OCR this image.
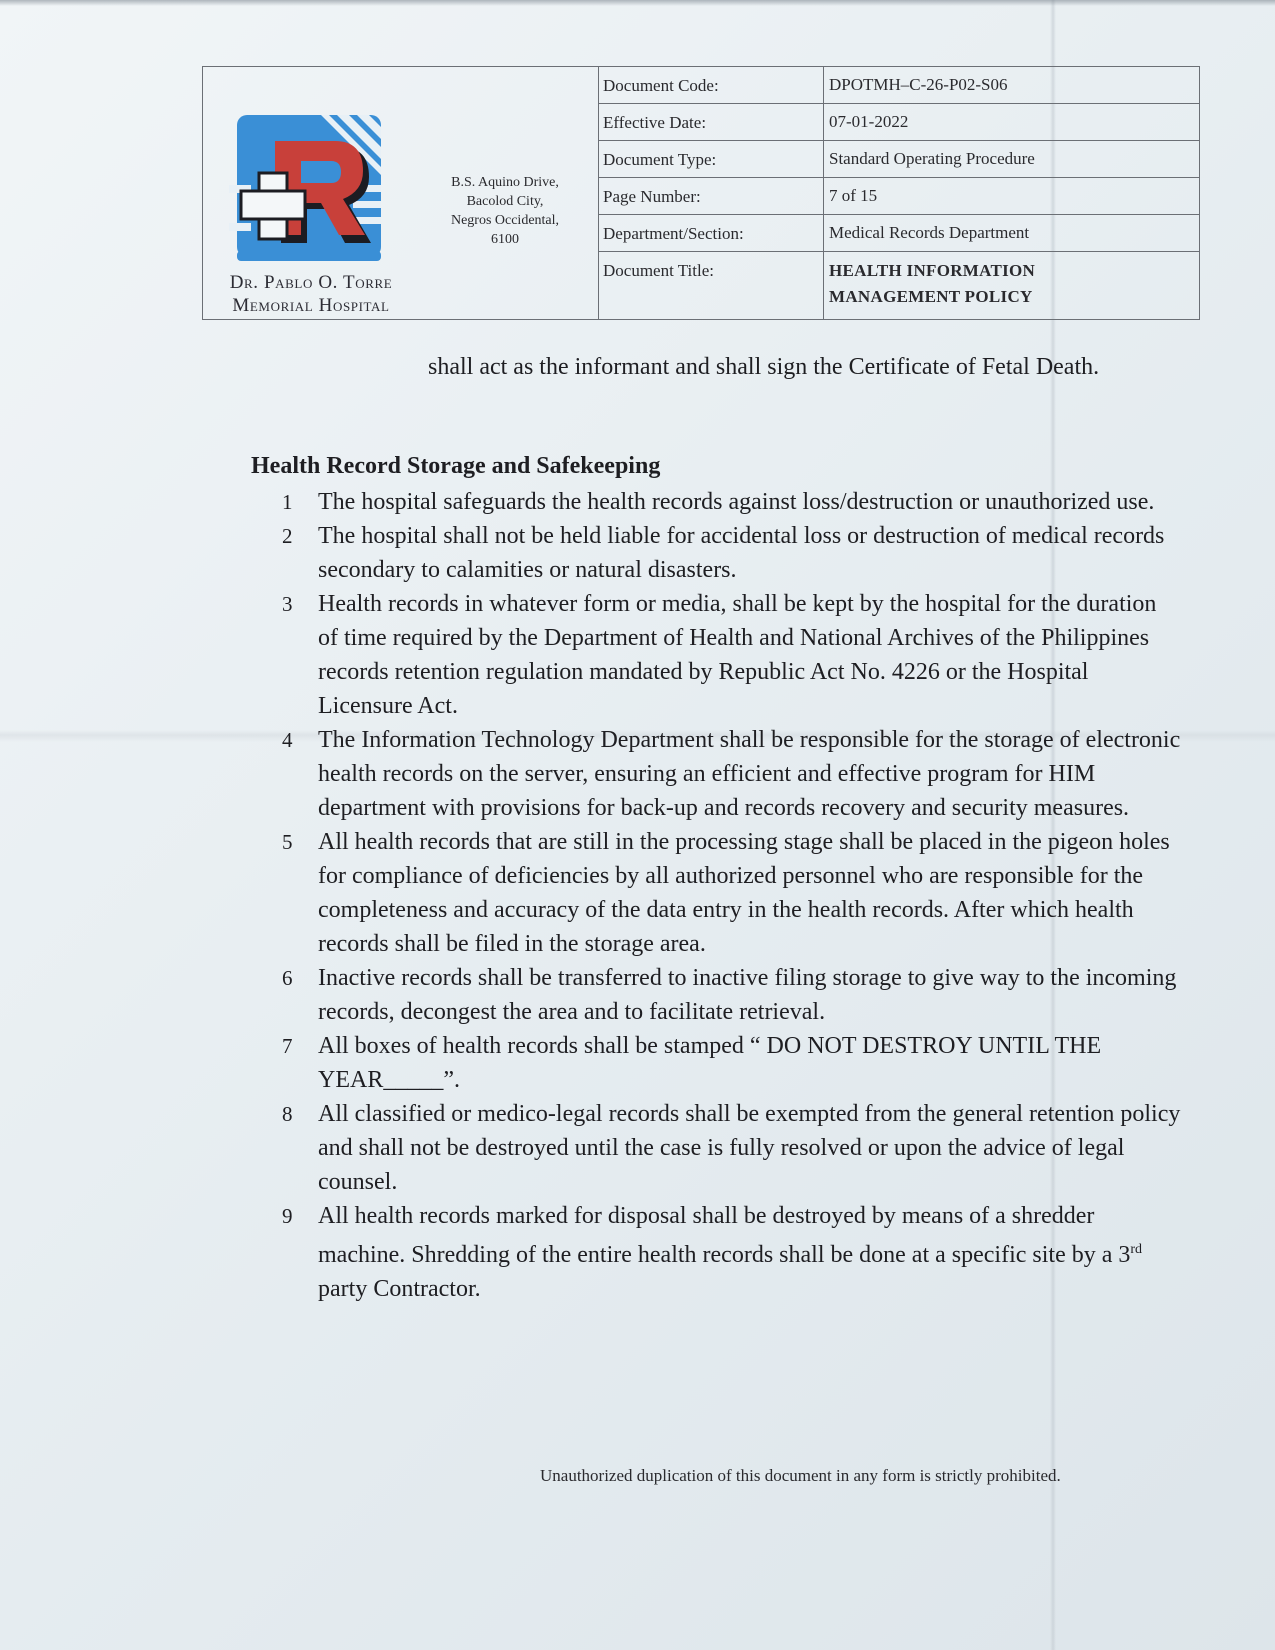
Dr. Pablo O. Torre
Memorial Hospital
B.S. Aquino Drive,
Bacolod City,
Negros Occidental,
6100
Document Code:	DPOTMH–C-26-P02-S06
Effective Date:	07-01-2022
Document Type:	Standard Operating Procedure
Page Number:	7 of 15
Department/Section:	Medical Records Department
Document Title:	HEALTH INFORMATION
MANAGEMENT POLICY
shall act as the informant and shall sign the Certificate of Fetal Death.
Health Record Storage and Safekeeping
1	The hospital safeguards the health records against loss/destruction or unauthorized use.
2	The hospital shall not be held liable for accidental loss or destruction of medical records secondary to calamities or natural disasters.
3	Health records in whatever form or media, shall be kept by the hospital for the duration of time required by the Department of Health and National Archives of the Philippines records retention regulation mandated by Republic Act No. 4226 or the Hospital Licensure Act.
4	The Information Technology Department shall be responsible for the storage of electronic health records on the server, ensuring an efficient and effective program for HIM department with provisions for back-up and records recovery and security measures.
5	All health records that are still in the processing stage shall be placed in the pigeon holes for compliance of deficiencies by all authorized personnel who are responsible for the completeness and accuracy of the data entry in the health records. After which health records shall be filed in the storage area.
6	Inactive records shall be transferred to inactive filing storage to give way to the incoming records, decongest the area and to facilitate retrieval.
7	All boxes of health records shall be stamped “ DO NOT DESTROY UNTIL THE YEAR_____”.
8	All classified or medico-legal records shall be exempted from the general retention policy and shall not be destroyed until the case is fully resolved or upon the advice of legal counsel.
9	All health records marked for disposal shall be destroyed by means of a shredder machine. Shredding of the entire health records shall be done at a specific site by a 3rd party Contractor.
Unauthorized duplication of this document in any form is strictly prohibited.
